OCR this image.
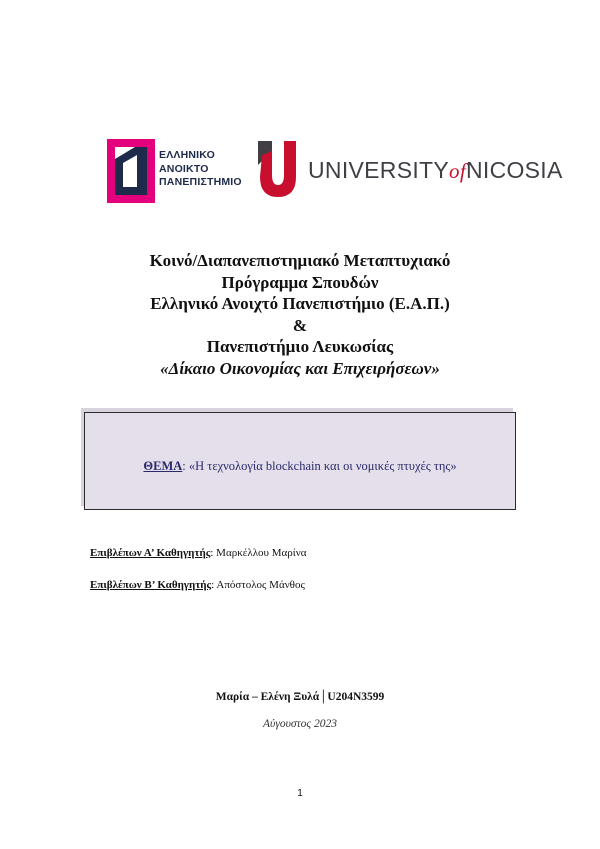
ΕΛΛΗΝΙΚΟ
ΑΝΟΙΚΤΟ
ΠΑΝΕΠΙΣΤΗΜΙΟ	UNIVERSITYofNICOSIA
Κοινό/Διαπανεπιστημιακό Μεταπτυχιακό
Πρόγραμμα Σπουδών
Ελληνικό Ανοιχτό Πανεπιστήμιο (Ε.Α.Π.)
&
Πανεπιστήμιο Λευκωσίας
«Δίκαιο Οικονομίας και Επιχειρήσεων»
ΘΕΜΑ: «Η τεχνολογία blockchain και οι νομικές πτυχές της»
Επιβλέπων Α’ Καθηγητής: Μαρκέλλου Μαρίνα
Επιβλέπων Β’ Καθηγητής: Απόστολος Μάνθος
Μαρία – Ελένη Ξυλά│U204N3599
Αύγουστος 2023
1
